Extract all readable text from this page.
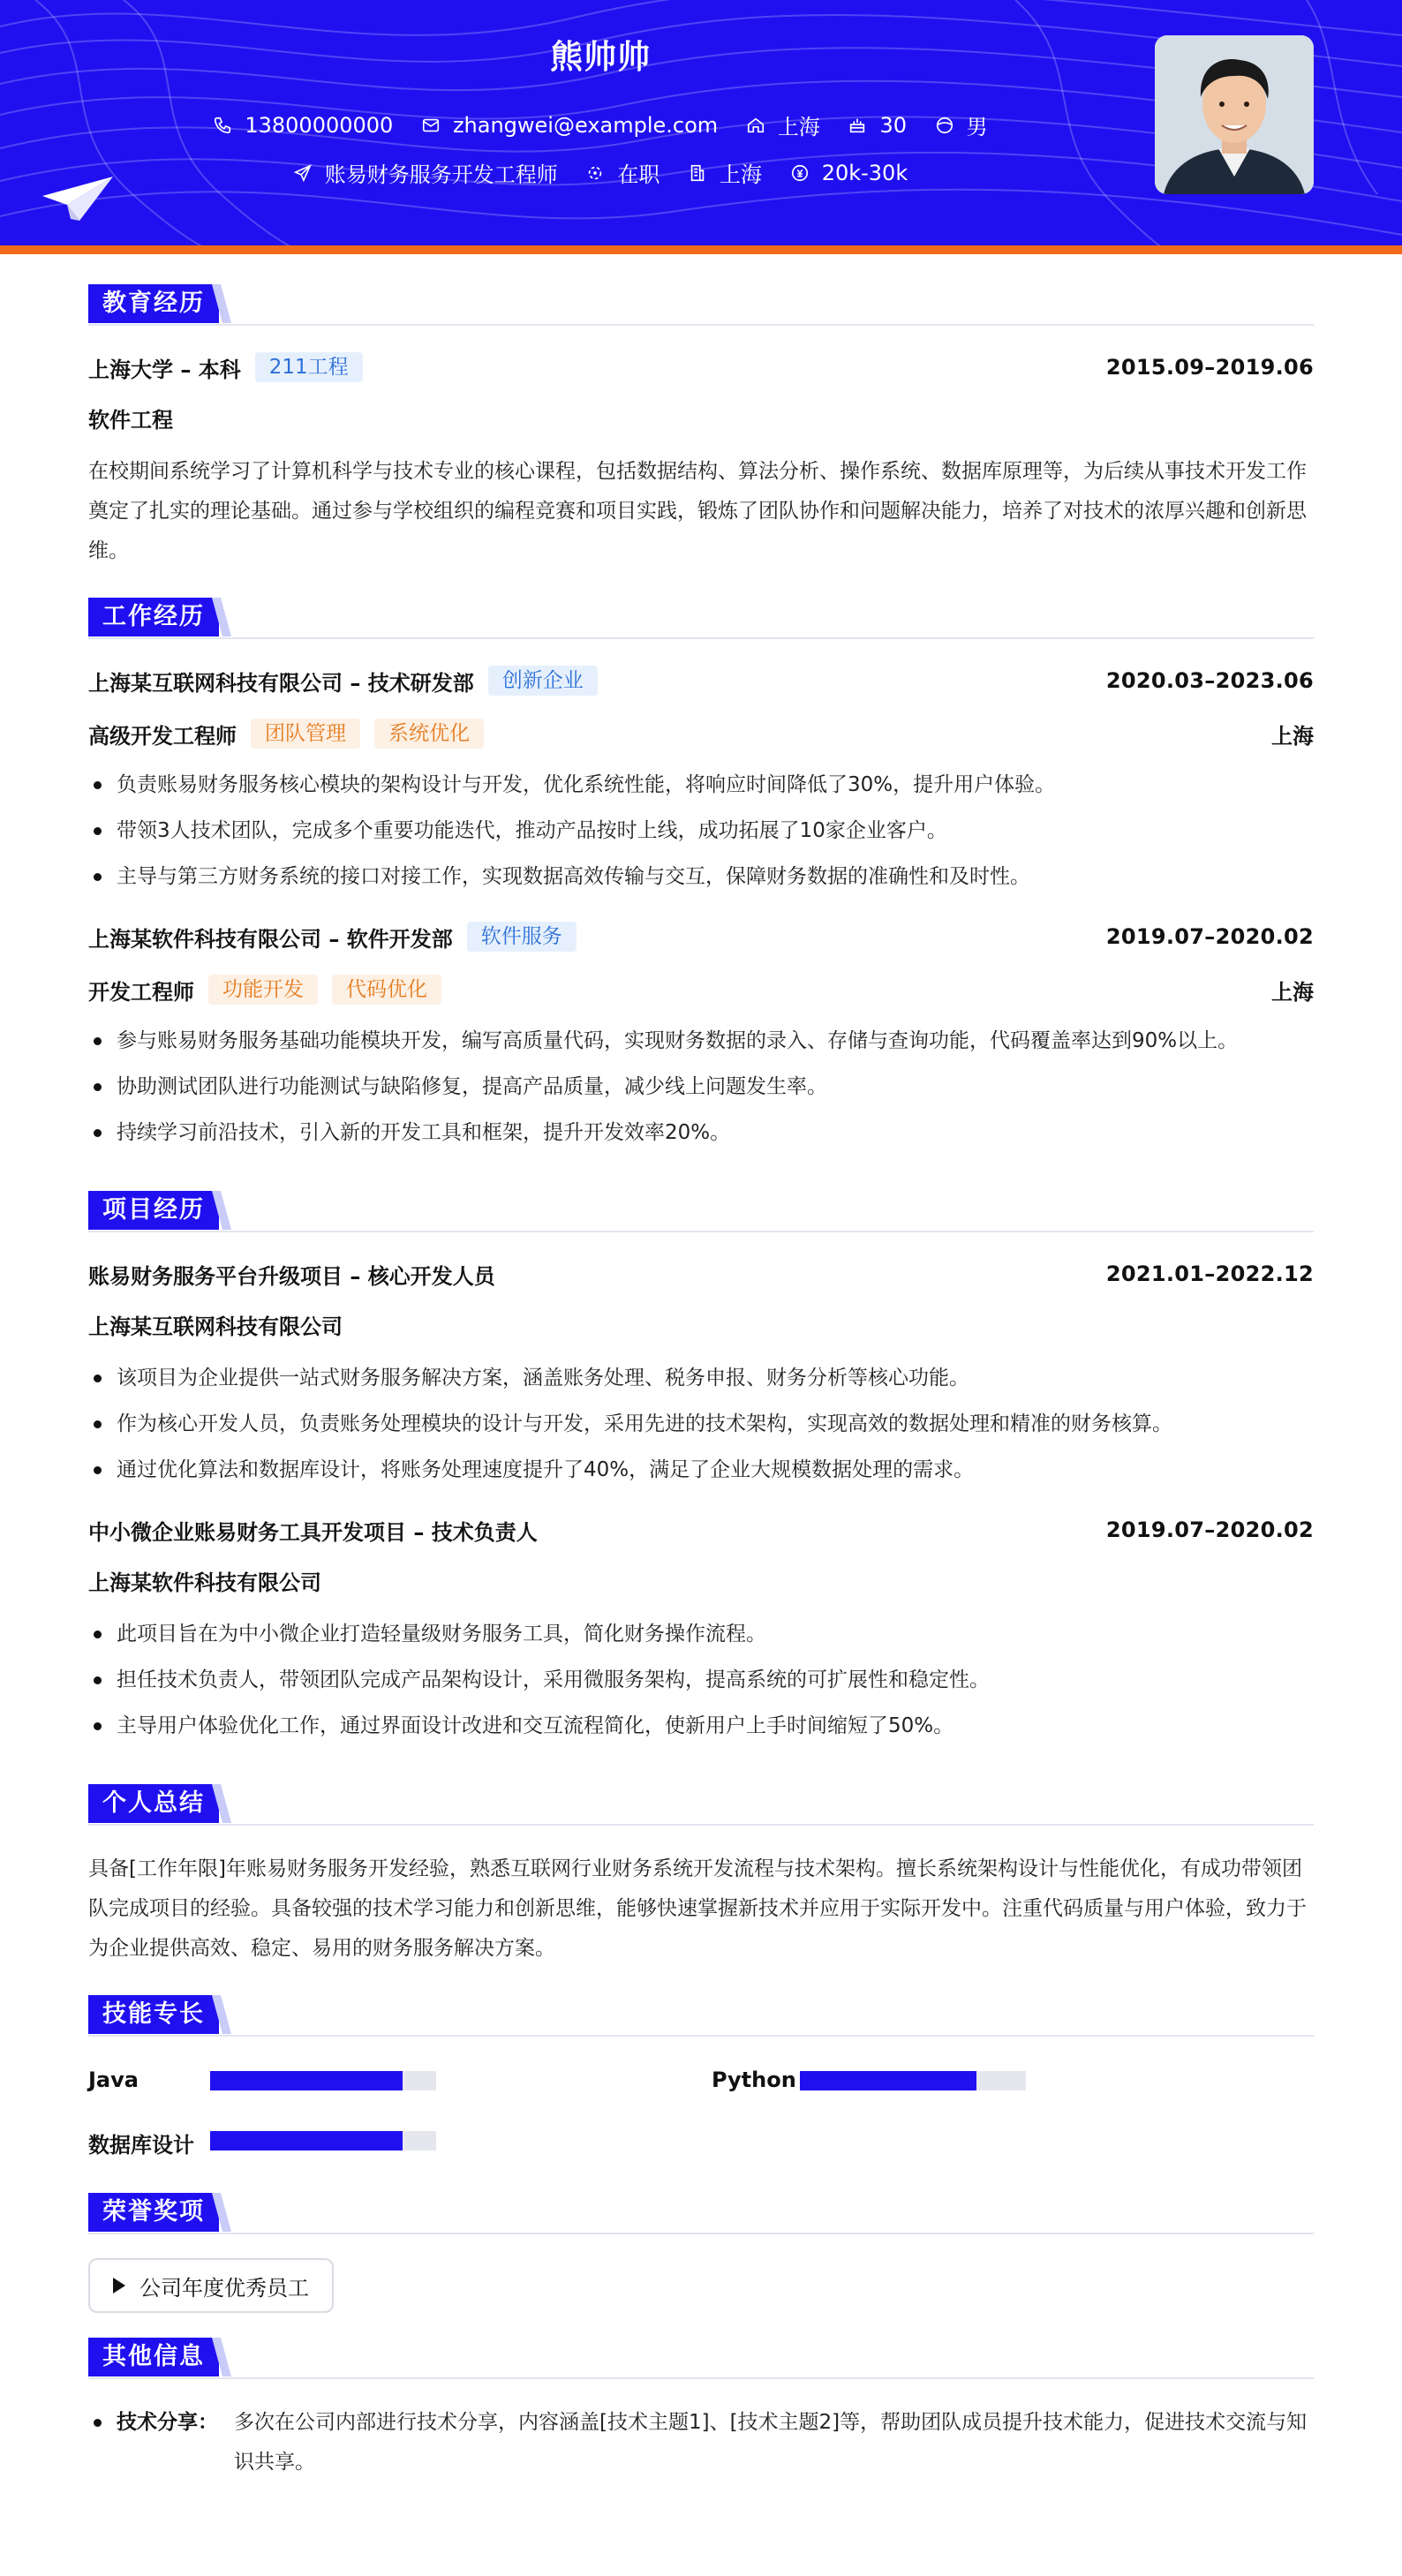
熊帅帅
13800000000
	zhangwei@example.com
	上海
	30
	男
账易财务服务开发工程师
	在职
	上海
	20k-30k
教育经历
上海大学 – 本科	211工程	2015.09–2019.06
软件工程
在校期间系统学习了计算机科学与技术专业的核心课程，包括数据结构、算法分析、操作系统、数据库原理等，为后续从事技术开发工作奠定了扎实的理论基础。通过参与学校组织的编程竞赛和项目实践，锻炼了团队协作和问题解决能力，培养了对技术的浓厚兴趣和创新思维。
工作经历
上海某互联网科技有限公司 – 技术研发部	创新企业	2020.03–2023.06
高级开发工程师	团队管理	系统优化	上海
负责账易财务服务核心模块的架构设计与开发，优化系统性能，将响应时间降低了30%，提升用户体验。
带领3人技术团队，完成多个重要功能迭代，推动产品按时上线，成功拓展了10家企业客户。
主导与第三方财务系统的接口对接工作，实现数据高效传输与交互，保障财务数据的准确性和及时性。
上海某软件科技有限公司 – 软件开发部	软件服务	2019.07–2020.02
开发工程师	功能开发	代码优化	上海
参与账易财务服务基础功能模块开发，编写高质量代码，实现财务数据的录入、存储与查询功能，代码覆盖率达到90%以上。
协助测试团队进行功能测试与缺陷修复，提高产品质量，减少线上问题发生率。
持续学习前沿技术，引入新的开发工具和框架，提升开发效率20%。
项目经历
账易财务服务平台升级项目 – 核心开发人员	2021.01–2022.12
上海某互联网科技有限公司
该项目为企业提供一站式财务服务解决方案，涵盖账务处理、税务申报、财务分析等核心功能。
作为核心开发人员，负责账务处理模块的设计与开发，采用先进的技术架构，实现高效的数据处理和精准的财务核算。
通过优化算法和数据库设计，将账务处理速度提升了40%，满足了企业大规模数据处理的需求。
中小微企业账易财务工具开发项目 – 技术负责人	2019.07–2020.02
上海某软件科技有限公司
此项目旨在为中小微企业打造轻量级财务服务工具，简化财务操作流程。
担任技术负责人，带领团队完成产品架构设计，采用微服务架构，提高系统的可扩展性和稳定性。
主导用户体验优化工作，通过界面设计改进和交互流程简化，使新用户上手时间缩短了50%。
个人总结
具备[工作年限]年账易财务服务开发经验，熟悉互联网行业财务系统开发流程与技术架构。擅长系统架构设计与性能优化，有成功带领团队完成项目的经验。具备较强的技术学习能力和创新思维，能够快速掌握新技术并应用于实际开发中。注重代码质量与用户体验，致力于为企业提供高效、稳定、易用的财务服务解决方案。
技能专长
Java	Python
数据库设计
荣誉奖项
公司年度优秀员工
其他信息
技术分享： 多次在公司内部进行技术分享，内容涵盖[技术主题1]、[技术主题2]等，帮助团队成员提升技术能力，促进技术交流与知识共享。
